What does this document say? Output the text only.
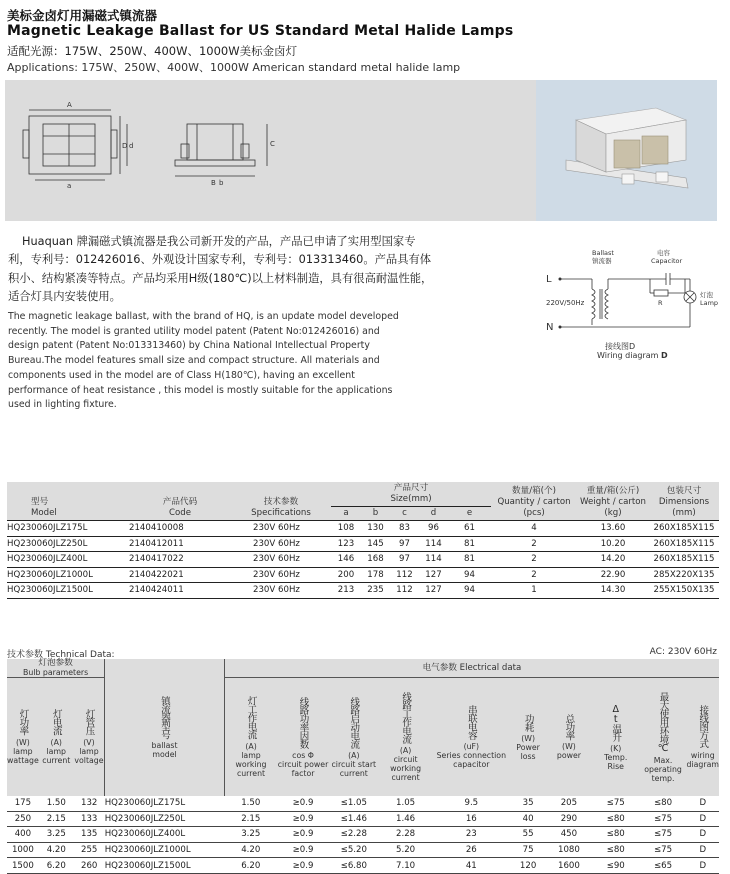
美标金卤灯用漏磁式镇流器
Magnetic Leakage Ballast for US Standard Metal Halide Lamps
适配光源：175W、250W、400W、1000W美标金卤灯
Applications: 175W、250W、400W、1000W American standard metal halide lamp
A
a
D d	C
B b
Huaquan 牌漏磁式镇流器是我公司新开发的产品，产品已申请了实用型国家专利，专利号：012426016、外观设计国家专利，专利号：013313460。产品具有体积小、结构紧凑等特点。产品均采用H级(180℃)以上材料制造，具有很高耐温性能，适合灯具内安装使用。
The magnetic leakage ballast, with the brand of HQ, is an update model developed recently. The model is granted utility model patent (Patent No:012426016) and design patent (Patent No:013313460) by China National Intellectual Property Bureau.The model features small size and compact structure. All materials and components used in the model are of Class H(180℃), having an excellent performance of heat resistance , this model is mostly suitable for the applications used in lighting fixture.
Ballast
镇流器
电容
Capacitor
R
灯泡
Lamp
L
N
220V/50Hz
接线图D
Wiring diagram D
型号
Model	产品代码
Code	技术参数
Specifications	产品尺寸
Size(mm)					数量/箱(个)
Quantity / carton
(pcs)	重量/箱(公斤)
Weight / carton
(kg)	包装尺寸
Dimensions
(mm)
			a	b	c	d	e			
HQ230060JLZ175L	2140410008	230V 60Hz	108	130	83	96	61	4	13.60	260X185X115
HQ230060JLZ250L	2140412011	230V 60Hz	123	145	97	114	81	2	10.20	260X185X115
HQ230060JLZ400L	2140417022	230V 60Hz	146	168	97	114	81	2	14.20	260X185X115
HQ230060JLZ1000L	2140422021	230V 60Hz	200	178	112	127	94	2	22.90	285X220X135
HQ230060JLZ1500L	2140424011	230V 60Hz	213	235	112	127	94	1	14.30	255X150X135
技术参数 Technical Data:	AC: 230V 60Hz
灯泡参数

Bulb parameters			镇流器型号
ballast
model	电气参数 Electrical data									
灯功率
(W)
lamp
wattage	灯电流
(A)
lamp
current	灯管压
(V)
lamp
voltage		灯工作电流
(A)
lamp working
current	线路功率因数
cos Φ
circuit power
factor	线路启动电流
(A)
circuit start
current	线路工作电流
(A)
circuit working
current	串联电容
(uF)
Series connection
capacitor	功耗
(W)
Power
loss	总功率
(W)
power	Δt温升
(K)
Temp.
Rise	最大使用环境℃
Max.
operating
temp.	接线图方式
wiring
diagram

175	1.50	132	HQ230060JLZ175L	1.50	≥0.9	≤1.05	1.05	9.5	35	205	≤75	≤80	D
250	2.15	133	HQ230060JLZ250L	2.15	≥0.9	≤1.46	1.46	16	40	290	≤80	≤75	D
400	3.25	135	HQ230060JLZ400L	3.25	≥0.9	≤2.28	2.28	23	55	450	≤80	≤75	D
1000	4.20	255	HQ230060JLZ1000L	4.20	≥0.9	≤5.20	5.20	26	75	1080	≤80	≤75	D
1500	6.20	260	HQ230060JLZ1500L	6.20	≥0.9	≤6.80	7.10	41	120	1600	≤90	≤65	D
